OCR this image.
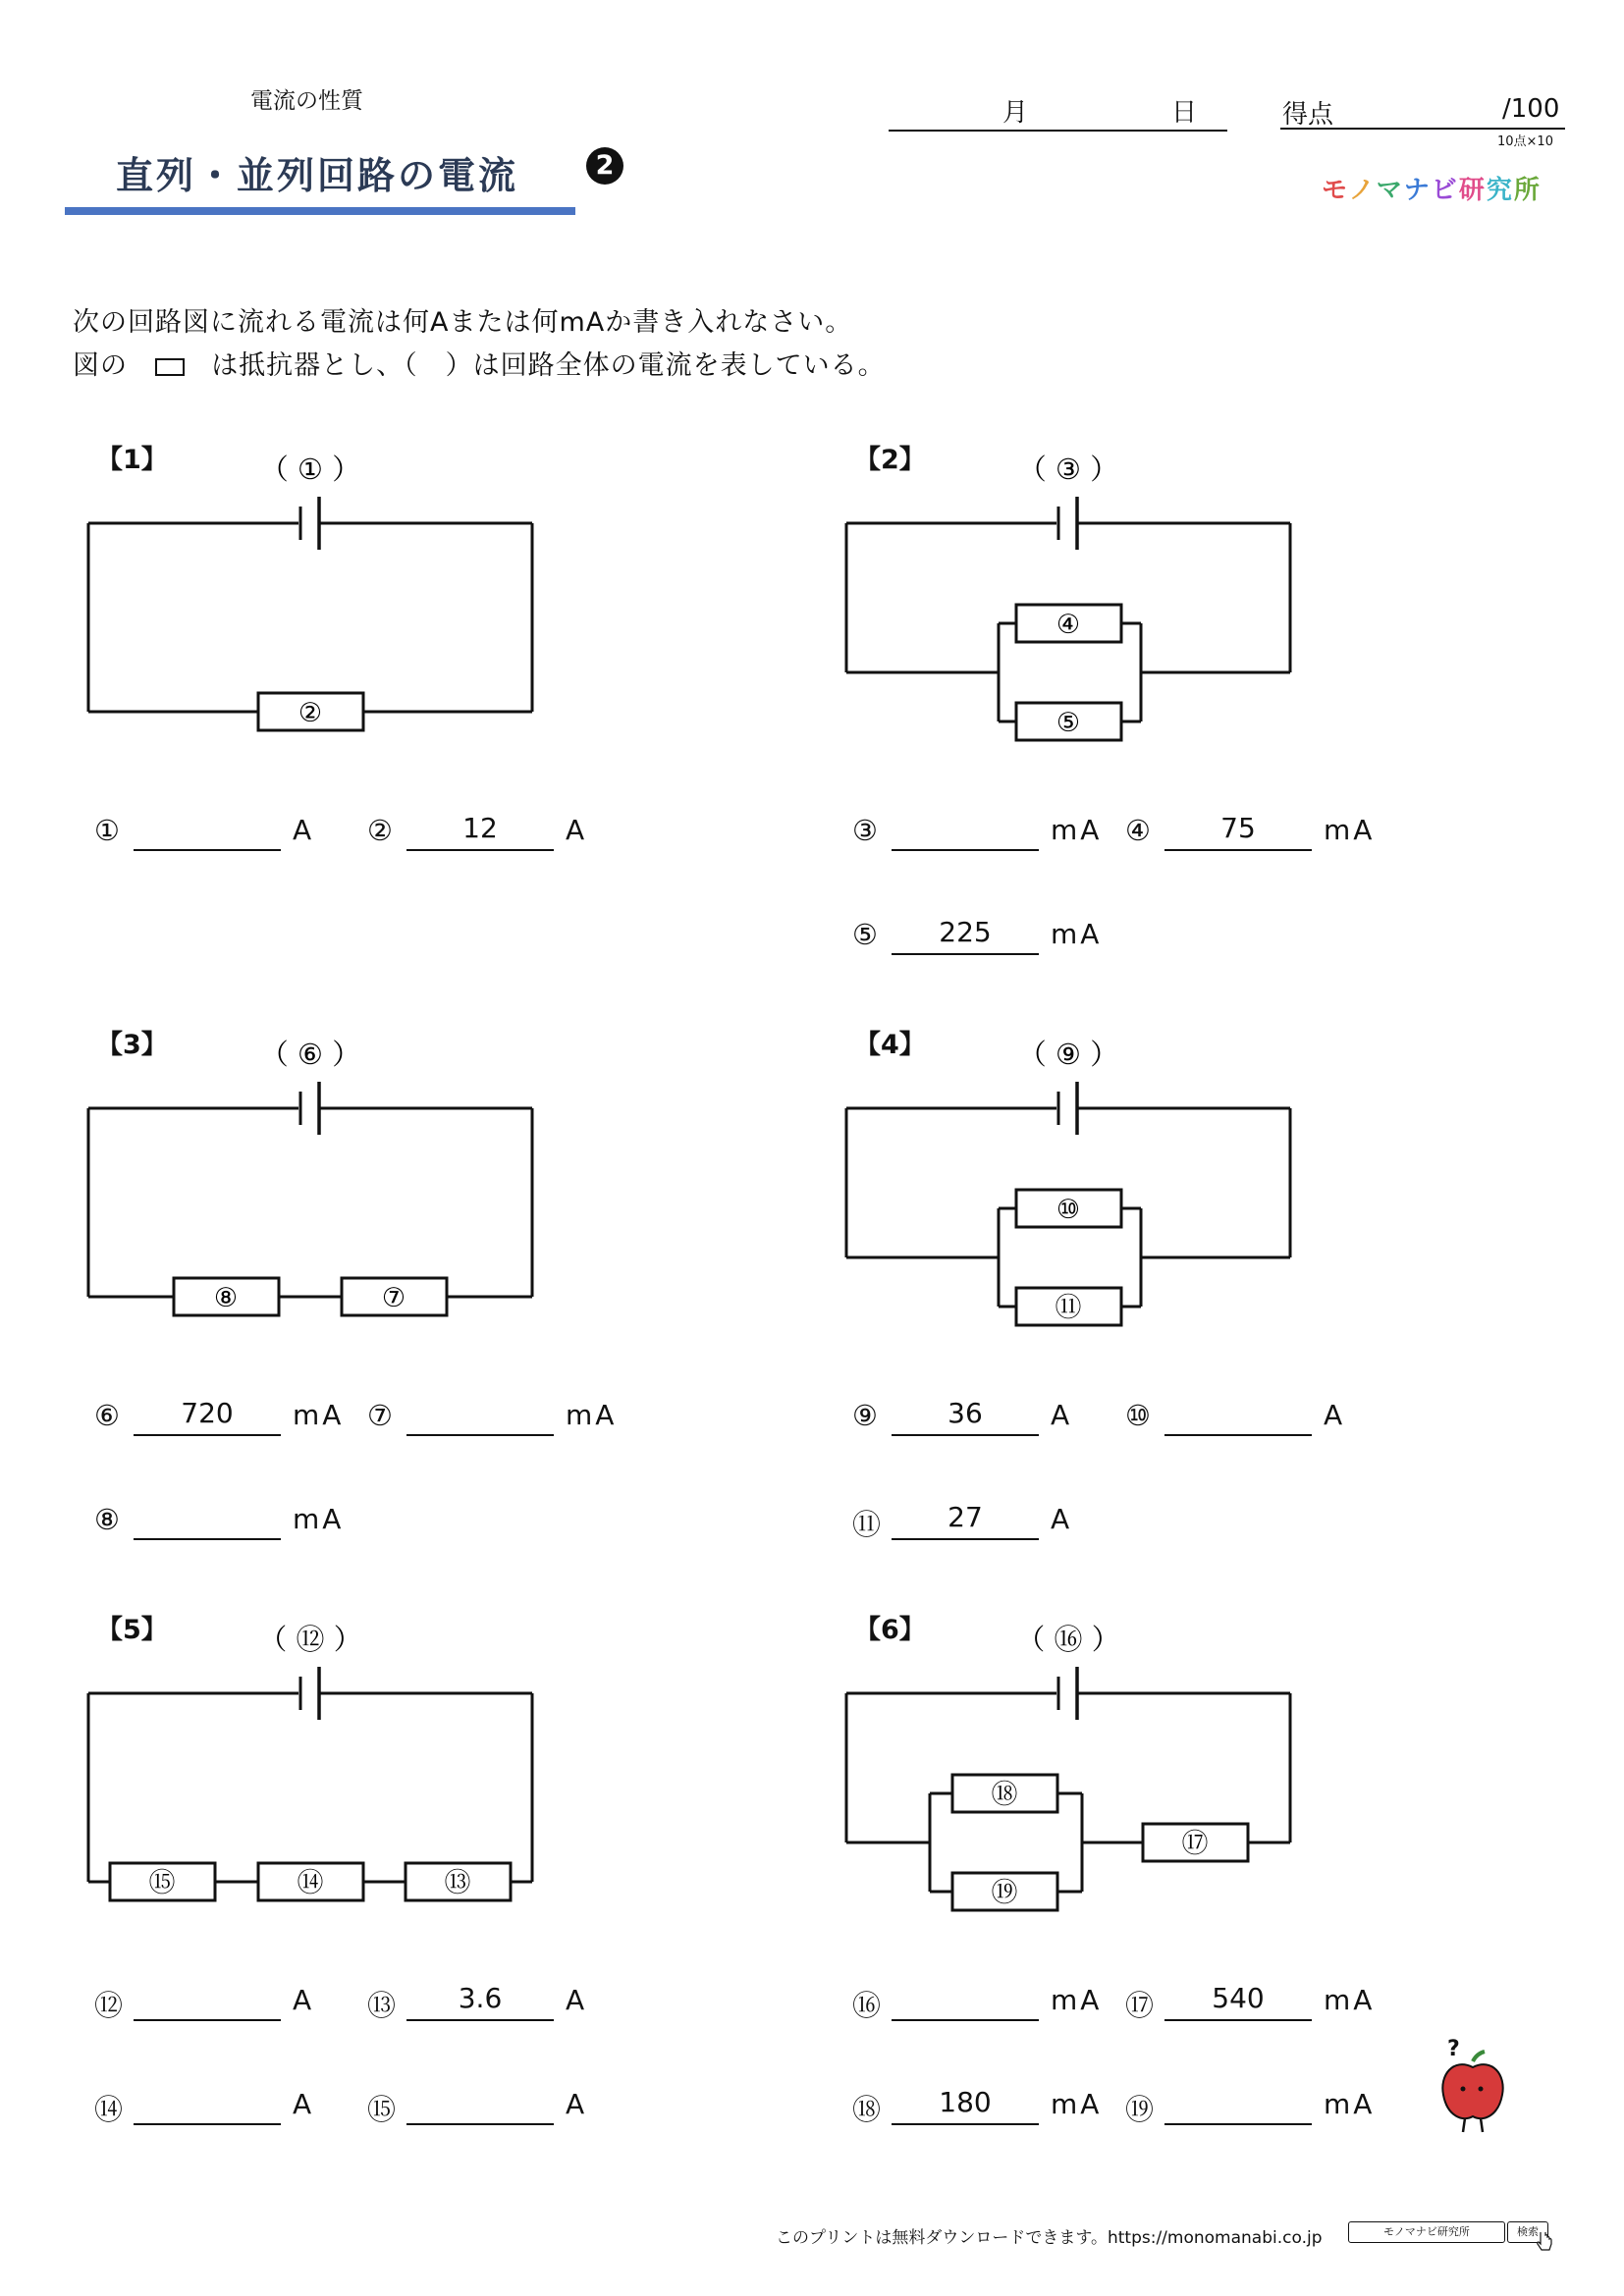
電流の性質
直列・並列回路の電流	2
月	日	得点	/100
10点×10
モノマナビ研究所
次の回路図に流れる電流は何Aまたは何mAか書き入れなさい。
図の	は抵抗器とし、（　）は回路全体の電流を表している。
【1】	【2】
【3】	【4】
【5】	【6】
（ ① ）
②
（ ③ ）
④
⑤
（ ⑥ ）
⑧	⑦
（ ⑨ ）
⑩
⑪
（ ⑫ ）
⑮	⑭	⑬
（ ⑯ ）
⑱
⑲
⑰
①	A ②	12	A	③	mA ④	75	mA
⑤	225	mA
⑥	720	mA ⑦	mA
⑧	mA
⑨	36	A ⑩	A
⑪	27	A
⑫	A ⑬	3.6	A
⑭	A ⑮	A
⑯	mA ⑰	540	mA
⑱	180	mA ⑲	mA
?
このプリントは無料ダウンロードできます。https://monomanabi.co.jp	モノマナビ研究所	検索
